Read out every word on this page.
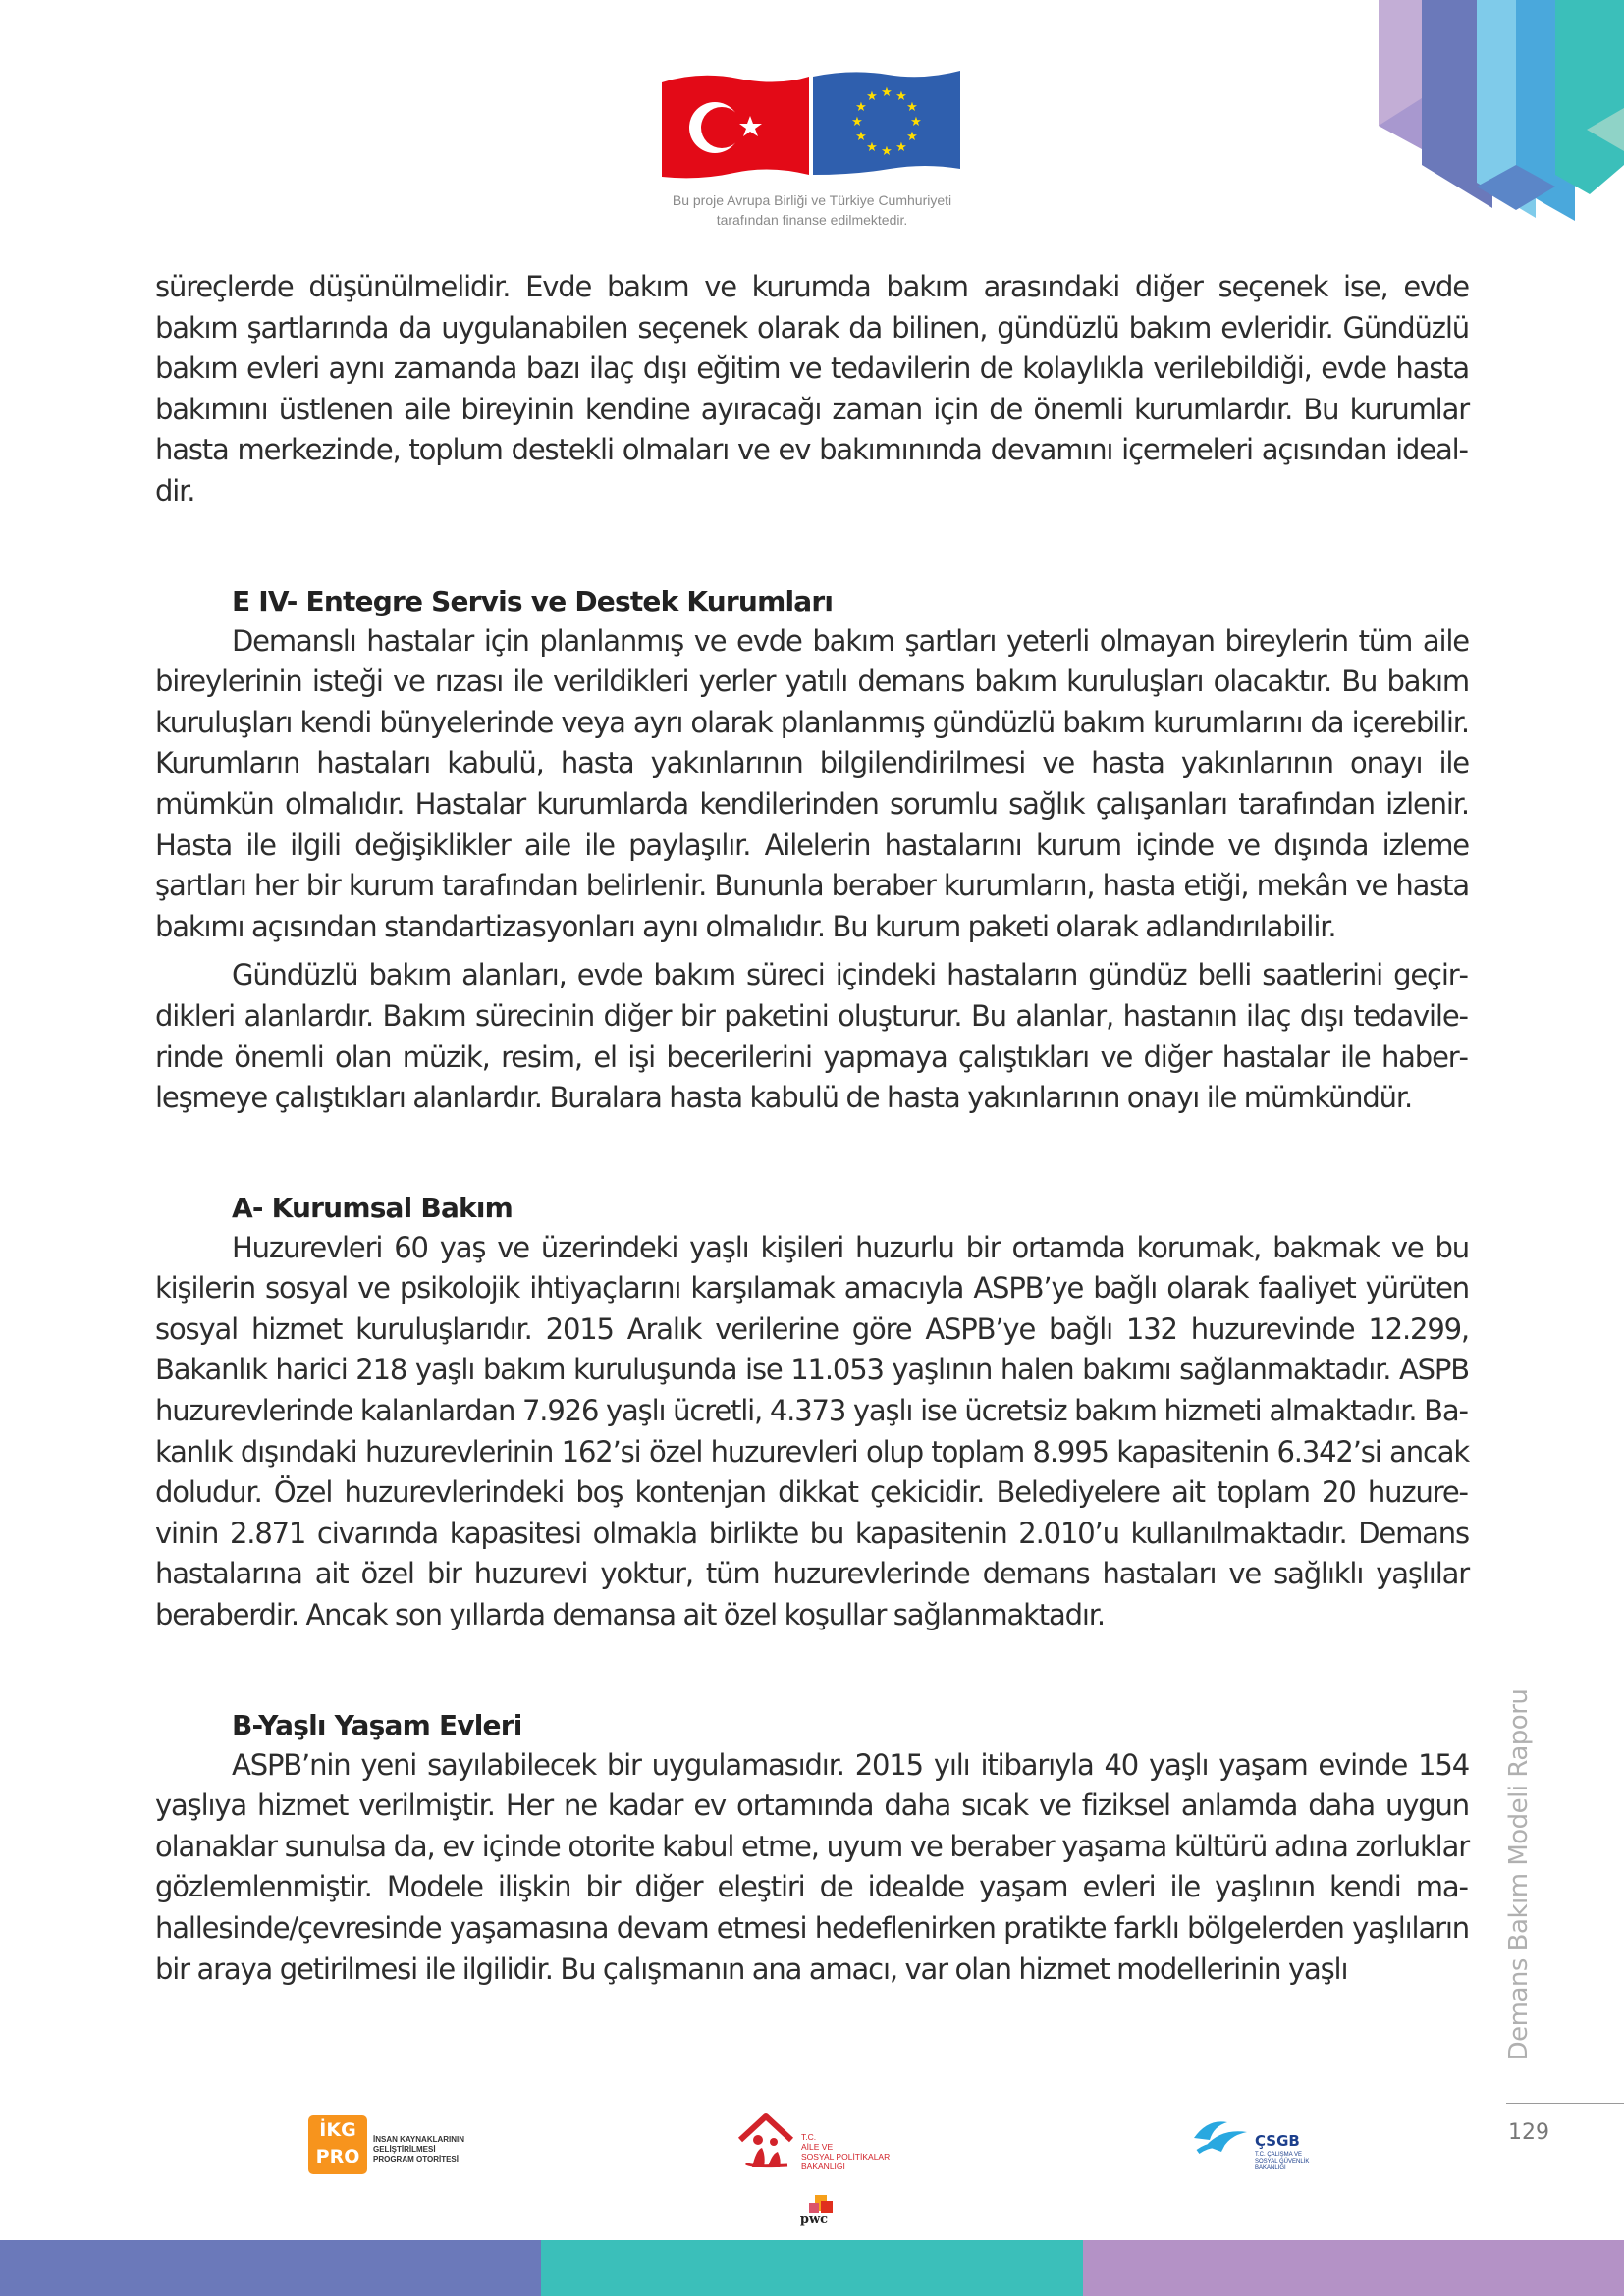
★ ★
★
★
★
★
★
★
★
★
★
★
Bu proje Avrupa Birliği ve Türkiye Cumhuriyeti
tarafından finanse edilmektedir.

süreçlerde düşünülmelidir. Evde bakım ve kurumda bakım arasındaki diğer seçenek ise, evde bakım şartlarında da uygulanabilen seçenek olarak da bilinen, gündüzlü bakım evleridir. Gündüzlü bakım evleri aynı zamanda bazı ilaç dışı eğitim ve tedavilerin de kolaylıkla verilebildiği, evde hasta bakımını üstlenen aile bireyinin kendine ayıracağı zaman için de önemli kurumlardır. Bu kurumlar hasta merkezinde, toplum destekli olmaları ve ev bakımınında devamını içermeleri açısından idealdir.

E IV- Entegre Servis ve Destek Kurumları

Demanslı hastalar için planlanmış ve evde bakım şartları yeterli olmayan bireylerin tüm aile bireylerinin isteği ve rızası ile verildikleri yerler yatılı demans bakım kuruluşları olacaktır. Bu bakım kuruluşları kendi bünyelerinde veya ayrı olarak planlanmış gündüzlü bakım kurumlarını da içerebilir. Kurumların hastaları kabulü, hasta yakınlarının bilgilendirilmesi ve hasta yakınlarının onayı ile mümkün olmalıdır. Hastalar kurumlarda kendilerinden sorumlu sağlık çalışanları tarafından izlenir. Hasta ile ilgili değişiklikler aile ile paylaşılır. Ailelerin hastalarını kurum içinde ve dışında izleme şartları her bir kurum tarafından belirlenir. Bununla beraber kurumların, hasta etiği, mekân ve hasta bakımı açısından standartizasyonları aynı olmalıdır. Bu kurum paketi olarak adlandırılabilir.

Gündüzlü bakım alanları, evde bakım süreci içindeki hastaların gündüz belli saatlerini geçirdikleri alanlardır. Bakım sürecinin diğer bir paketini oluşturur. Bu alanlar, hastanın ilaç dışı tedavilerinde önemli olan müzik, resim, el işi becerilerini yapmaya çalıştıkları ve diğer hastalar ile haberleşmeye çalıştıkları alanlardır. Buralara hasta kabulü de hasta yakınlarının onayı ile mümkündür.

A- Kurumsal Bakım

Huzurevleri 60 yaş ve üzerindeki yaşlı kişileri huzurlu bir ortamda korumak, bakmak ve bu kişilerin sosyal ve psikolojik ihtiyaçlarını karşılamak amacıyla ASPB’ye bağlı olarak faaliyet yürüten sosyal hizmet kuruluşlarıdır. 2015 Aralık verilerine göre ASPB’ye bağlı 132 huzurevinde 12.299, Bakanlık harici 218 yaşlı bakım kuruluşunda ise 11.053 yaşlının halen bakımı sağlanmaktadır. ASPB huzurevlerinde kalanlardan 7.926 yaşlı ücretli, 4.373 yaşlı ise ücretsiz bakım hizmeti almaktadır. Bakanlık dışındaki huzurevlerinin 162’si özel huzurevleri olup toplam 8.995 kapasitenin 6.342’si ancak doludur. Özel huzurevlerindeki boş kontenjan dikkat çekicidir. Belediyelere ait toplam 20 huzurevinin 2.871 civarında kapasitesi olmakla birlikte bu kapasitenin 2.010’u kullanılmaktadır. Demans hastalarına ait özel bir huzurevi yoktur, tüm huzurevlerinde demans hastaları ve sağlıklı yaşlılar beraberdir. Ancak son yıllarda demansa ait özel koşullar sağlanmaktadır.

B-Yaşlı Yaşam Evleri

ASPB’nin yeni sayılabilecek bir uygulamasıdır. 2015 yılı itibarıyla 40 yaşlı yaşam evinde 154 yaşlıya hizmet verilmiştir. Her ne kadar ev ortamında daha sıcak ve fiziksel anlamda daha uygun olanaklar sunulsa da, ev içinde otorite kabul etme, uyum ve beraber yaşama kültürü adına zorluklar gözlemlenmiştir. Modele ilişkin bir diğer eleştiri de idealde yaşam evleri ile yaşlının kendi mahallesinde/çevresinde yaşamasına devam etmesi hedeflenirken pratikte farklı bölgelerden yaşlıların bir araya getirilmesi ile ilgilidir. Bu çalışmanın ana amacı, var olan hizmet modellerinin yaşlı	Demans Bakım Modeli Raporu
129
İKG
PRO
İNSAN KAYNAKLARININ
GELİŞTİRİLMESİ
PROGRAM OTORİTESİ
T.C.
AİLE VE
SOSYAL POLİTİKALAR
BAKANLIĞI
pwc
ÇSGB
T.C. ÇALIŞMA VE
SOSYAL GÜVENLİK
BAKANLIĞI
